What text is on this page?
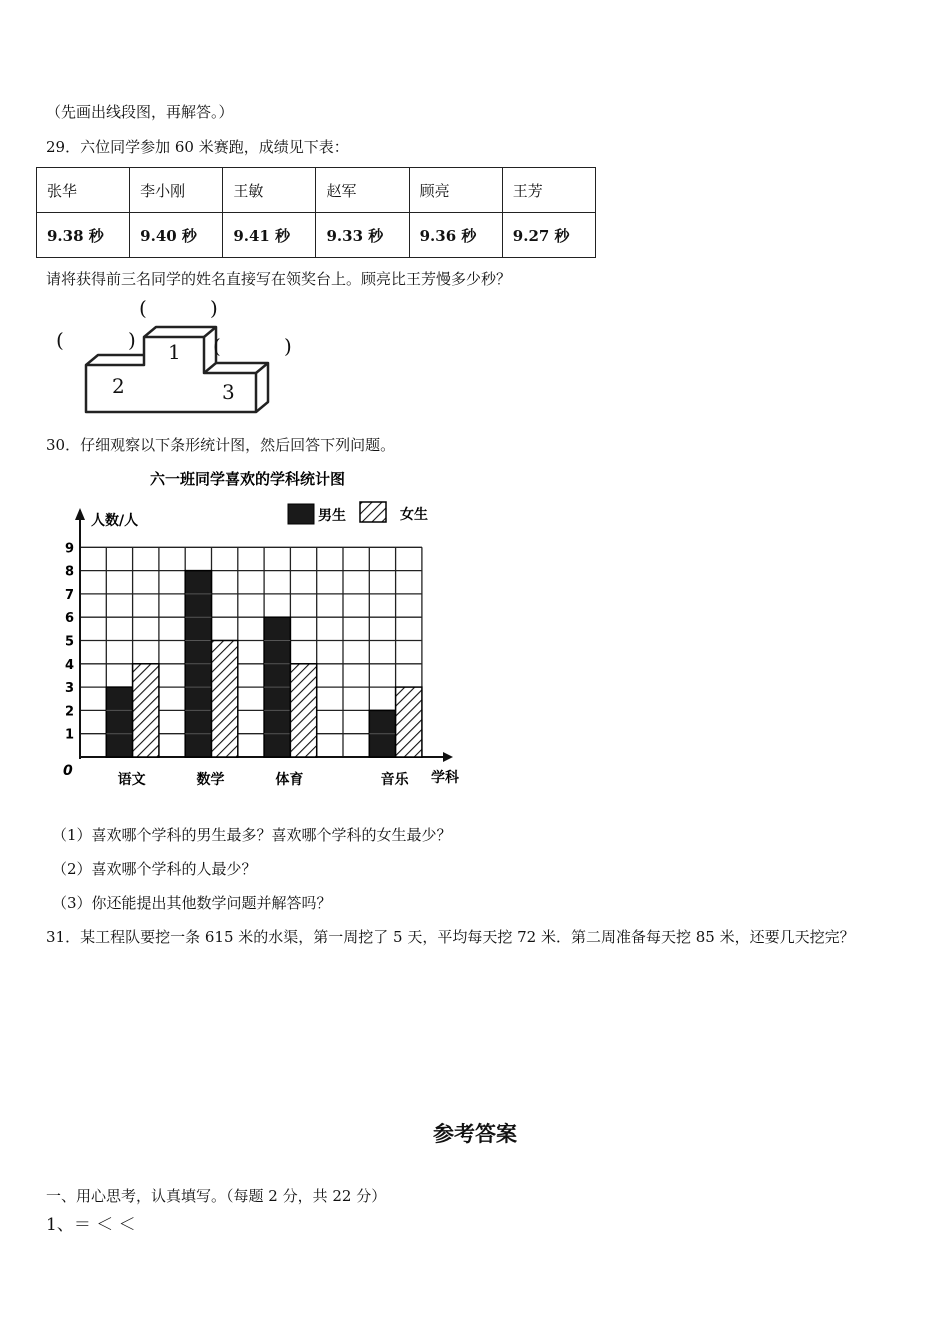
（先画出线段图，再解答。）
29．六位同学参加 60 米赛跑，成绩见下表：
张华	李小刚	王敏	赵军	顾亮	王芳
9.38 秒	9.40 秒	9.41 秒	9.33 秒	9.36 秒	9.27 秒
请将获得前三名同学的姓名直接写在领奖台上。顾亮比王芳慢多少秒？
1
2	3
(	)
(	)	(	)
30．仔细观察以下条形统计图，然后回答下列问题。
六一班同学喜欢的学科统计图
人数/人
学科
0
1
2
3
4
5
6
7
8
9
语文	数学	体育	音乐
男生	女生
（1）喜欢哪个学科的男生最多？喜欢哪个学科的女生最少？
（2）喜欢哪个学科的人最少？
（3）你还能提出其他数学问题并解答吗？
31．某工程队要挖一条 615 米的水渠，第一周挖了 5 天，平均每天挖 72 米．第二周准备每天挖 85 米，还要几天挖完？
参考答案
一、用心思考，认真填写。（每题 2 分，共 22 分）
1、＝ ＜ ＜
